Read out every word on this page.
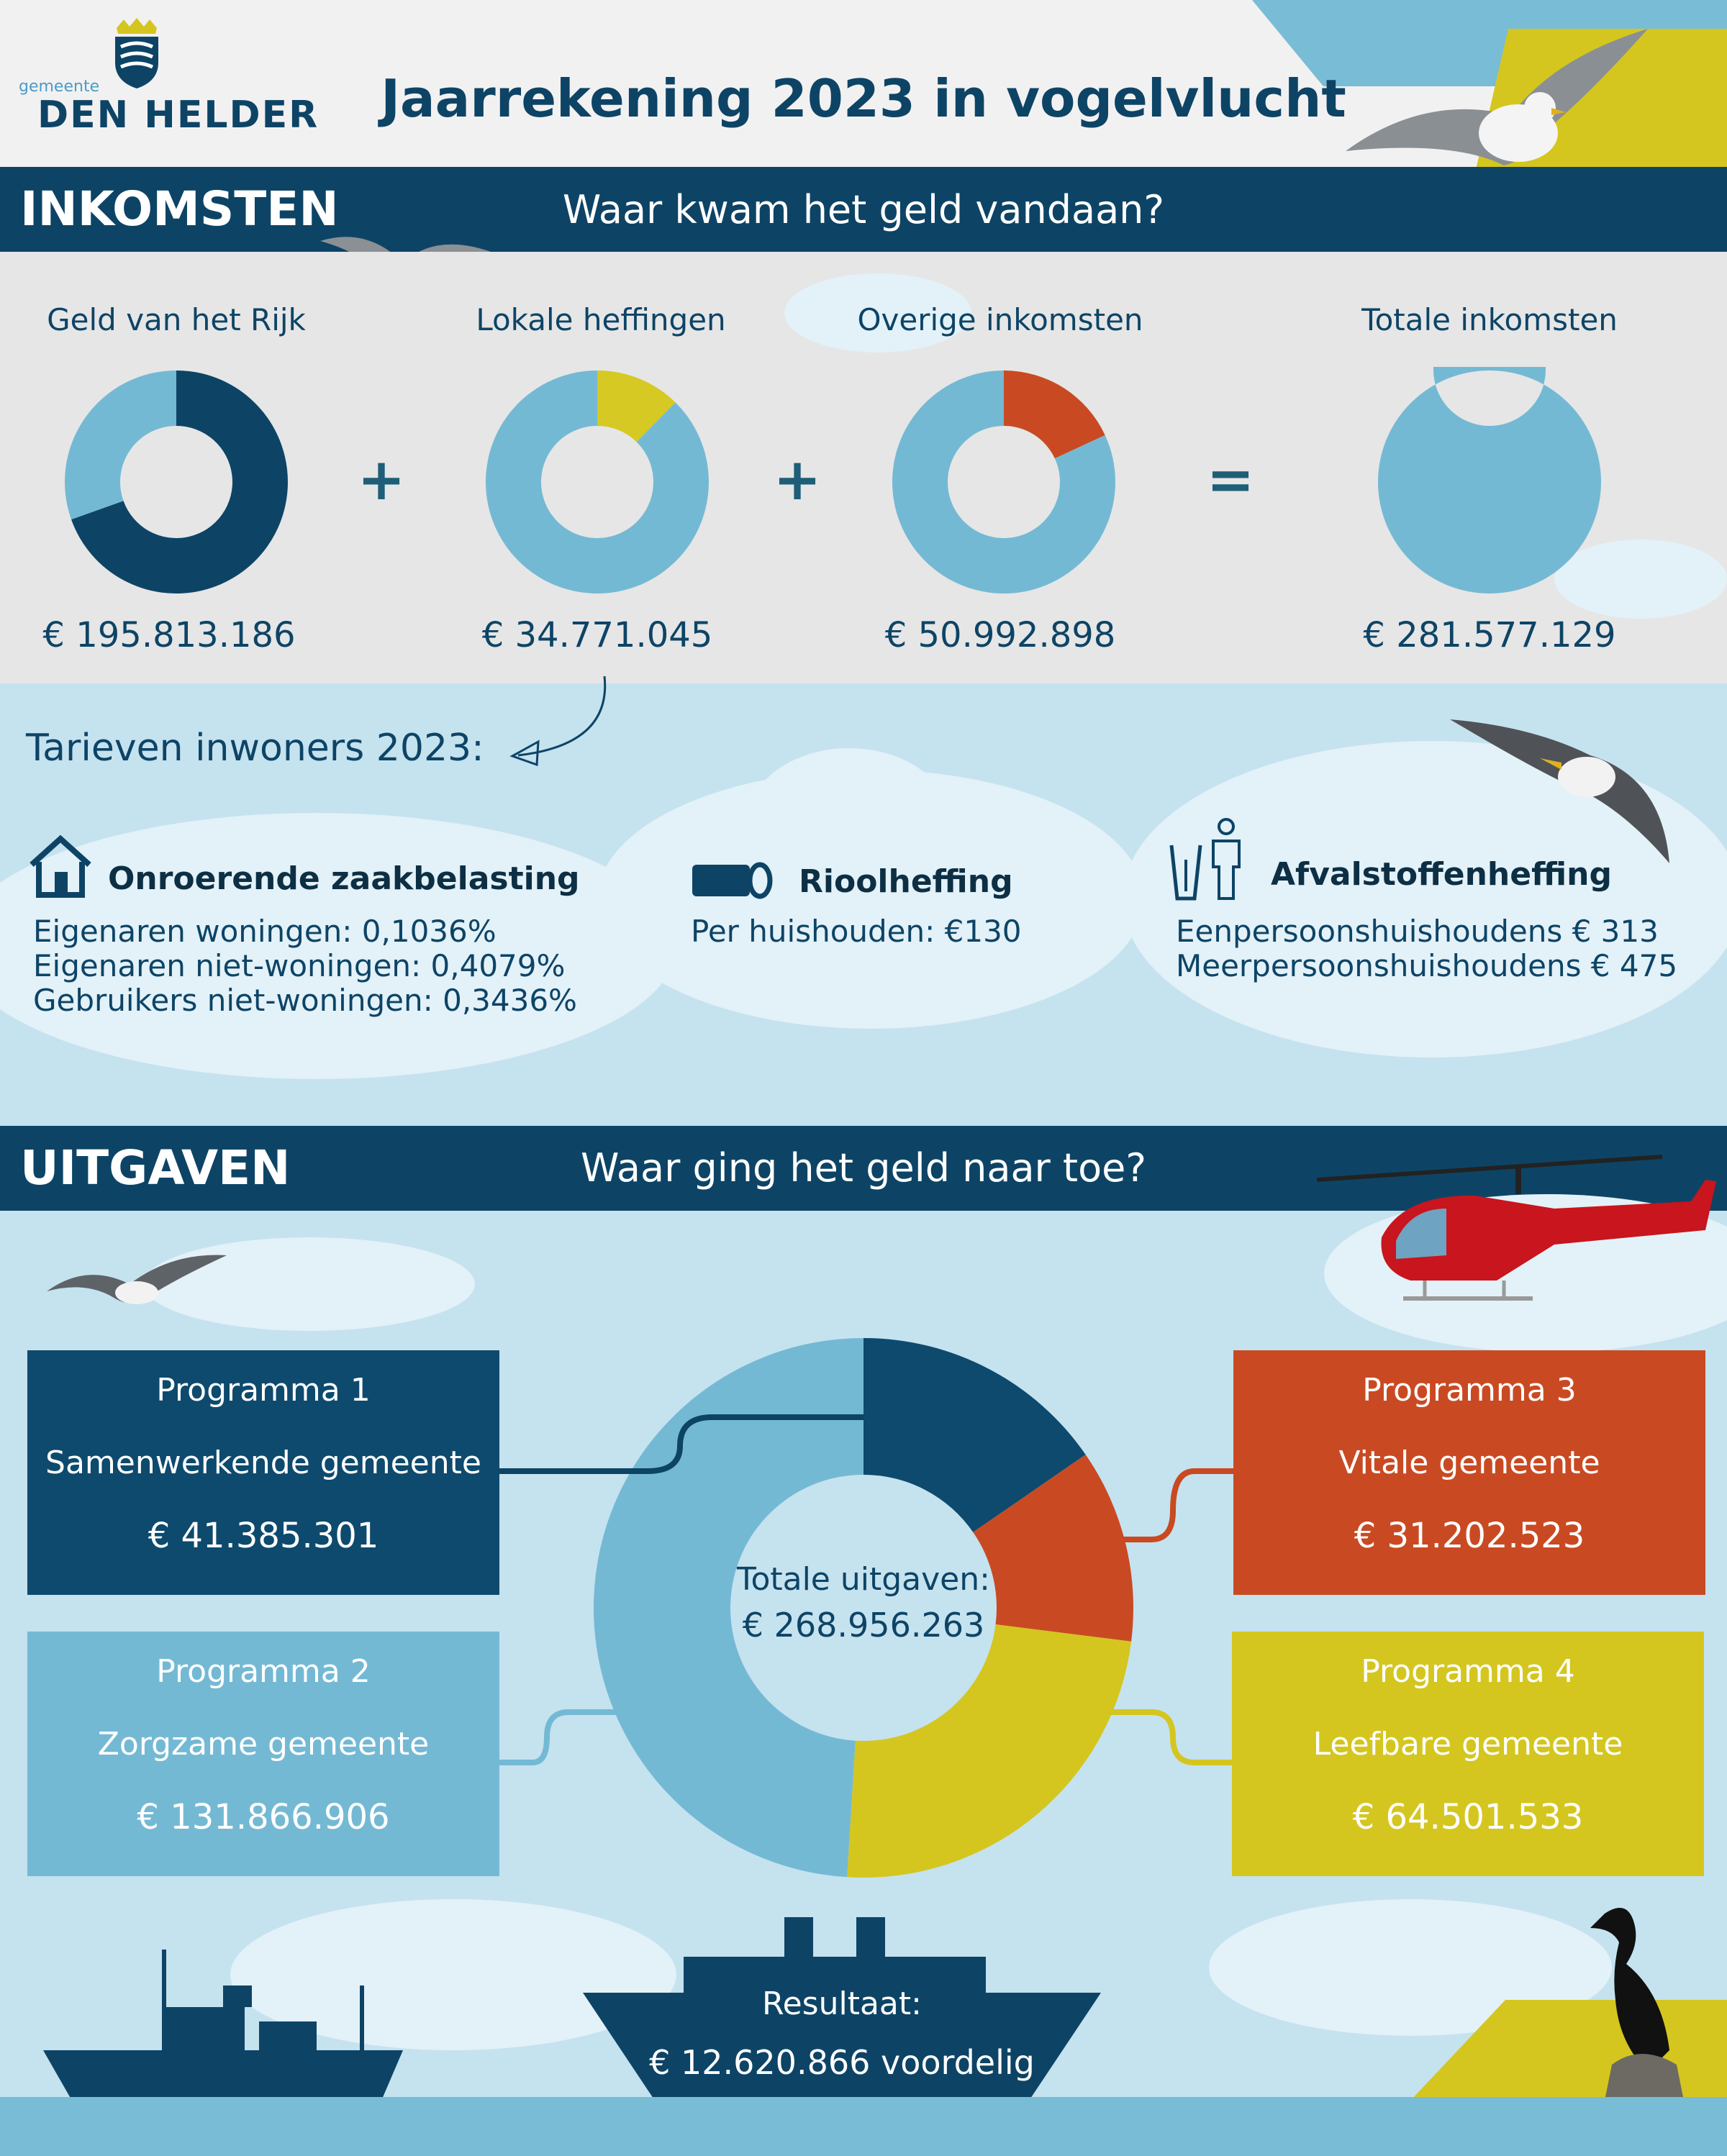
gemeente
DEN HELDER	Jaarrekening 2023 in vogelvlucht
INKOMSTEN	Waar kwam het geld vandaan?
Geld van het Rijk	Lokale heffingen	Overige inkomsten	Totale inkomsten
+	+	=
€ 195.813.186	€ 34.771.045	€ 50.992.898	€ 281.577.129
Tarieven inwoners 2023:
Onroerende zaakbelasting
Eigenaren woningen: 0,1036%
Eigenaren niet-woningen: 0,4079%
Gebruikers niet-woningen: 0,3436%
Rioolheffing
Per huishouden: €130
Afvalstoffenheffing
Eenpersoonshuishoudens € 313
Meerpersoonshuishoudens € 475
UITGAVEN	Waar ging het geld naar toe?
Totale uitgaven:
€ 268.956.263
Programma 1
Samenwerkende gemeente
€ 41.385.301
Programma 2
Zorgzame gemeente
€ 131.866.906
Programma 3
Vitale gemeente
€ 31.202.523
Programma 4
Leefbare gemeente
€ 64.501.533
Resultaat:
€ 12.620.866 voordelig
